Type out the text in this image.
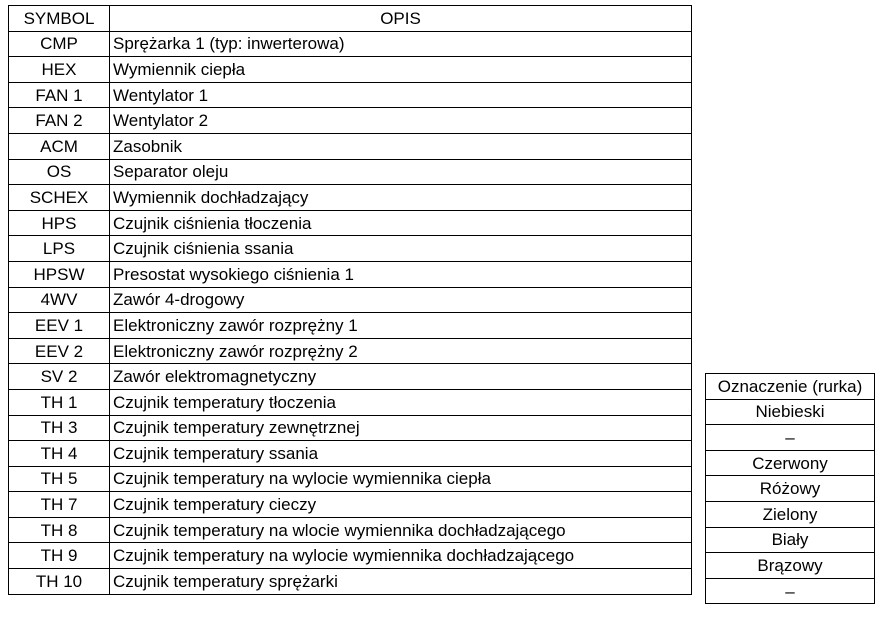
SYMBOL	OPIS
CMP	Sprężarka 1 (typ: inwerterowa)
HEX	Wymiennik ciepła
FAN 1	Wentylator 1
FAN 2	Wentylator 2
ACM	Zasobnik
OS	Separator oleju
SCHEX	Wymiennik dochładzający
HPS	Czujnik ciśnienia tłoczenia
LPS	Czujnik ciśnienia ssania
HPSW	Presostat wysokiego ciśnienia 1
4WV	Zawór 4-drogowy
EEV 1	Elektroniczny zawór rozprężny 1
EEV 2	Elektroniczny zawór rozprężny 2
SV 2	Zawór elektromagnetyczny
TH 1	Czujnik temperatury tłoczenia
TH 3	Czujnik temperatury zewnętrznej
TH 4	Czujnik temperatury ssania
TH 5	Czujnik temperatury na wylocie wymiennika ciepła
TH 7	Czujnik temperatury cieczy
TH 8	Czujnik temperatury na wlocie wymiennika dochładzającego
TH 9	Czujnik temperatury na wylocie wymiennika dochładzającego
TH 10	Czujnik temperatury sprężarki
Oznaczenie (rurka)
Niebieski
–
Czerwony
Różowy
Zielony
Biały
Brązowy
–
